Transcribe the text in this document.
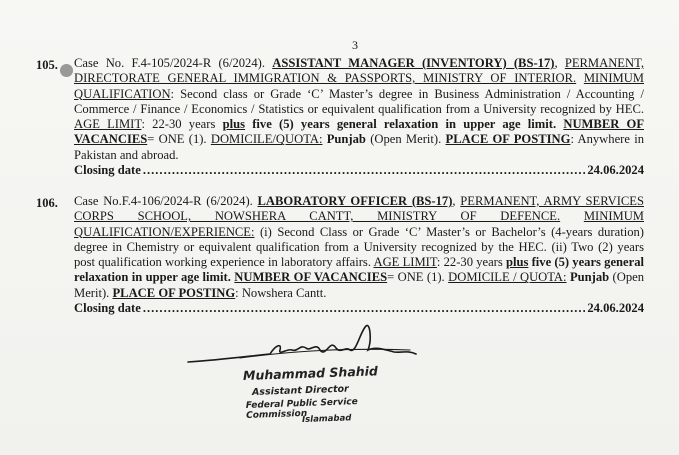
3
105. Case No. F.4-105/2024-R (6/2024). ASSISTANT MANAGER (INVENTORY) (BS-17), PERMANENT, DIRECTORATE GENERAL IMMIGRATION & PASSPORTS, MINISTRY OF INTERIOR. MINIMUM QUALIFICATION: Second class or Grade ‘C’ Master’s degree in Business Administration / Accounting / Commerce / Finance / Economics / Statistics or equivalent qualification from a University recognized by HEC. AGE LIMIT: 22-30 years plus five (5) years general relaxation in upper age limit. NUMBER OF VACANCIES= ONE (1). DOMICILE/QUOTA: Punjab (Open Merit). PLACE OF POSTING: Anywhere in Pakistan and abroad.
Closing date .....	24.06.2024
106. Case No.F.4-106/2024-R (6/2024). LABORATORY OFFICER (BS-17), PERMANENT, ARMY SERVICES CORPS SCHOOL, NOWSHERA CANTT, MINISTRY OF DEFENCE. MINIMUM QUALIFICATION/EXPERIENCE: (i) Second Class or Grade ‘C’ Master’s or Bachelor’s (4-years duration) degree in Chemistry or equivalent qualification from a University recognized by the HEC. (ii) Two (2) years post qualification working experience in laboratory affairs. AGE LIMIT: 22-30 years plus five (5) years general relaxation in upper age limit. NUMBER OF VACANCIES= ONE (1). DOMICILE / QUOTA: Punjab (Open Merit). PLACE OF POSTING: Nowshera Cantt.
Closing date .....	24.06.2024
Muhammad Shahid
Assistant Director
Federal Public Service Commission
Islamabad
